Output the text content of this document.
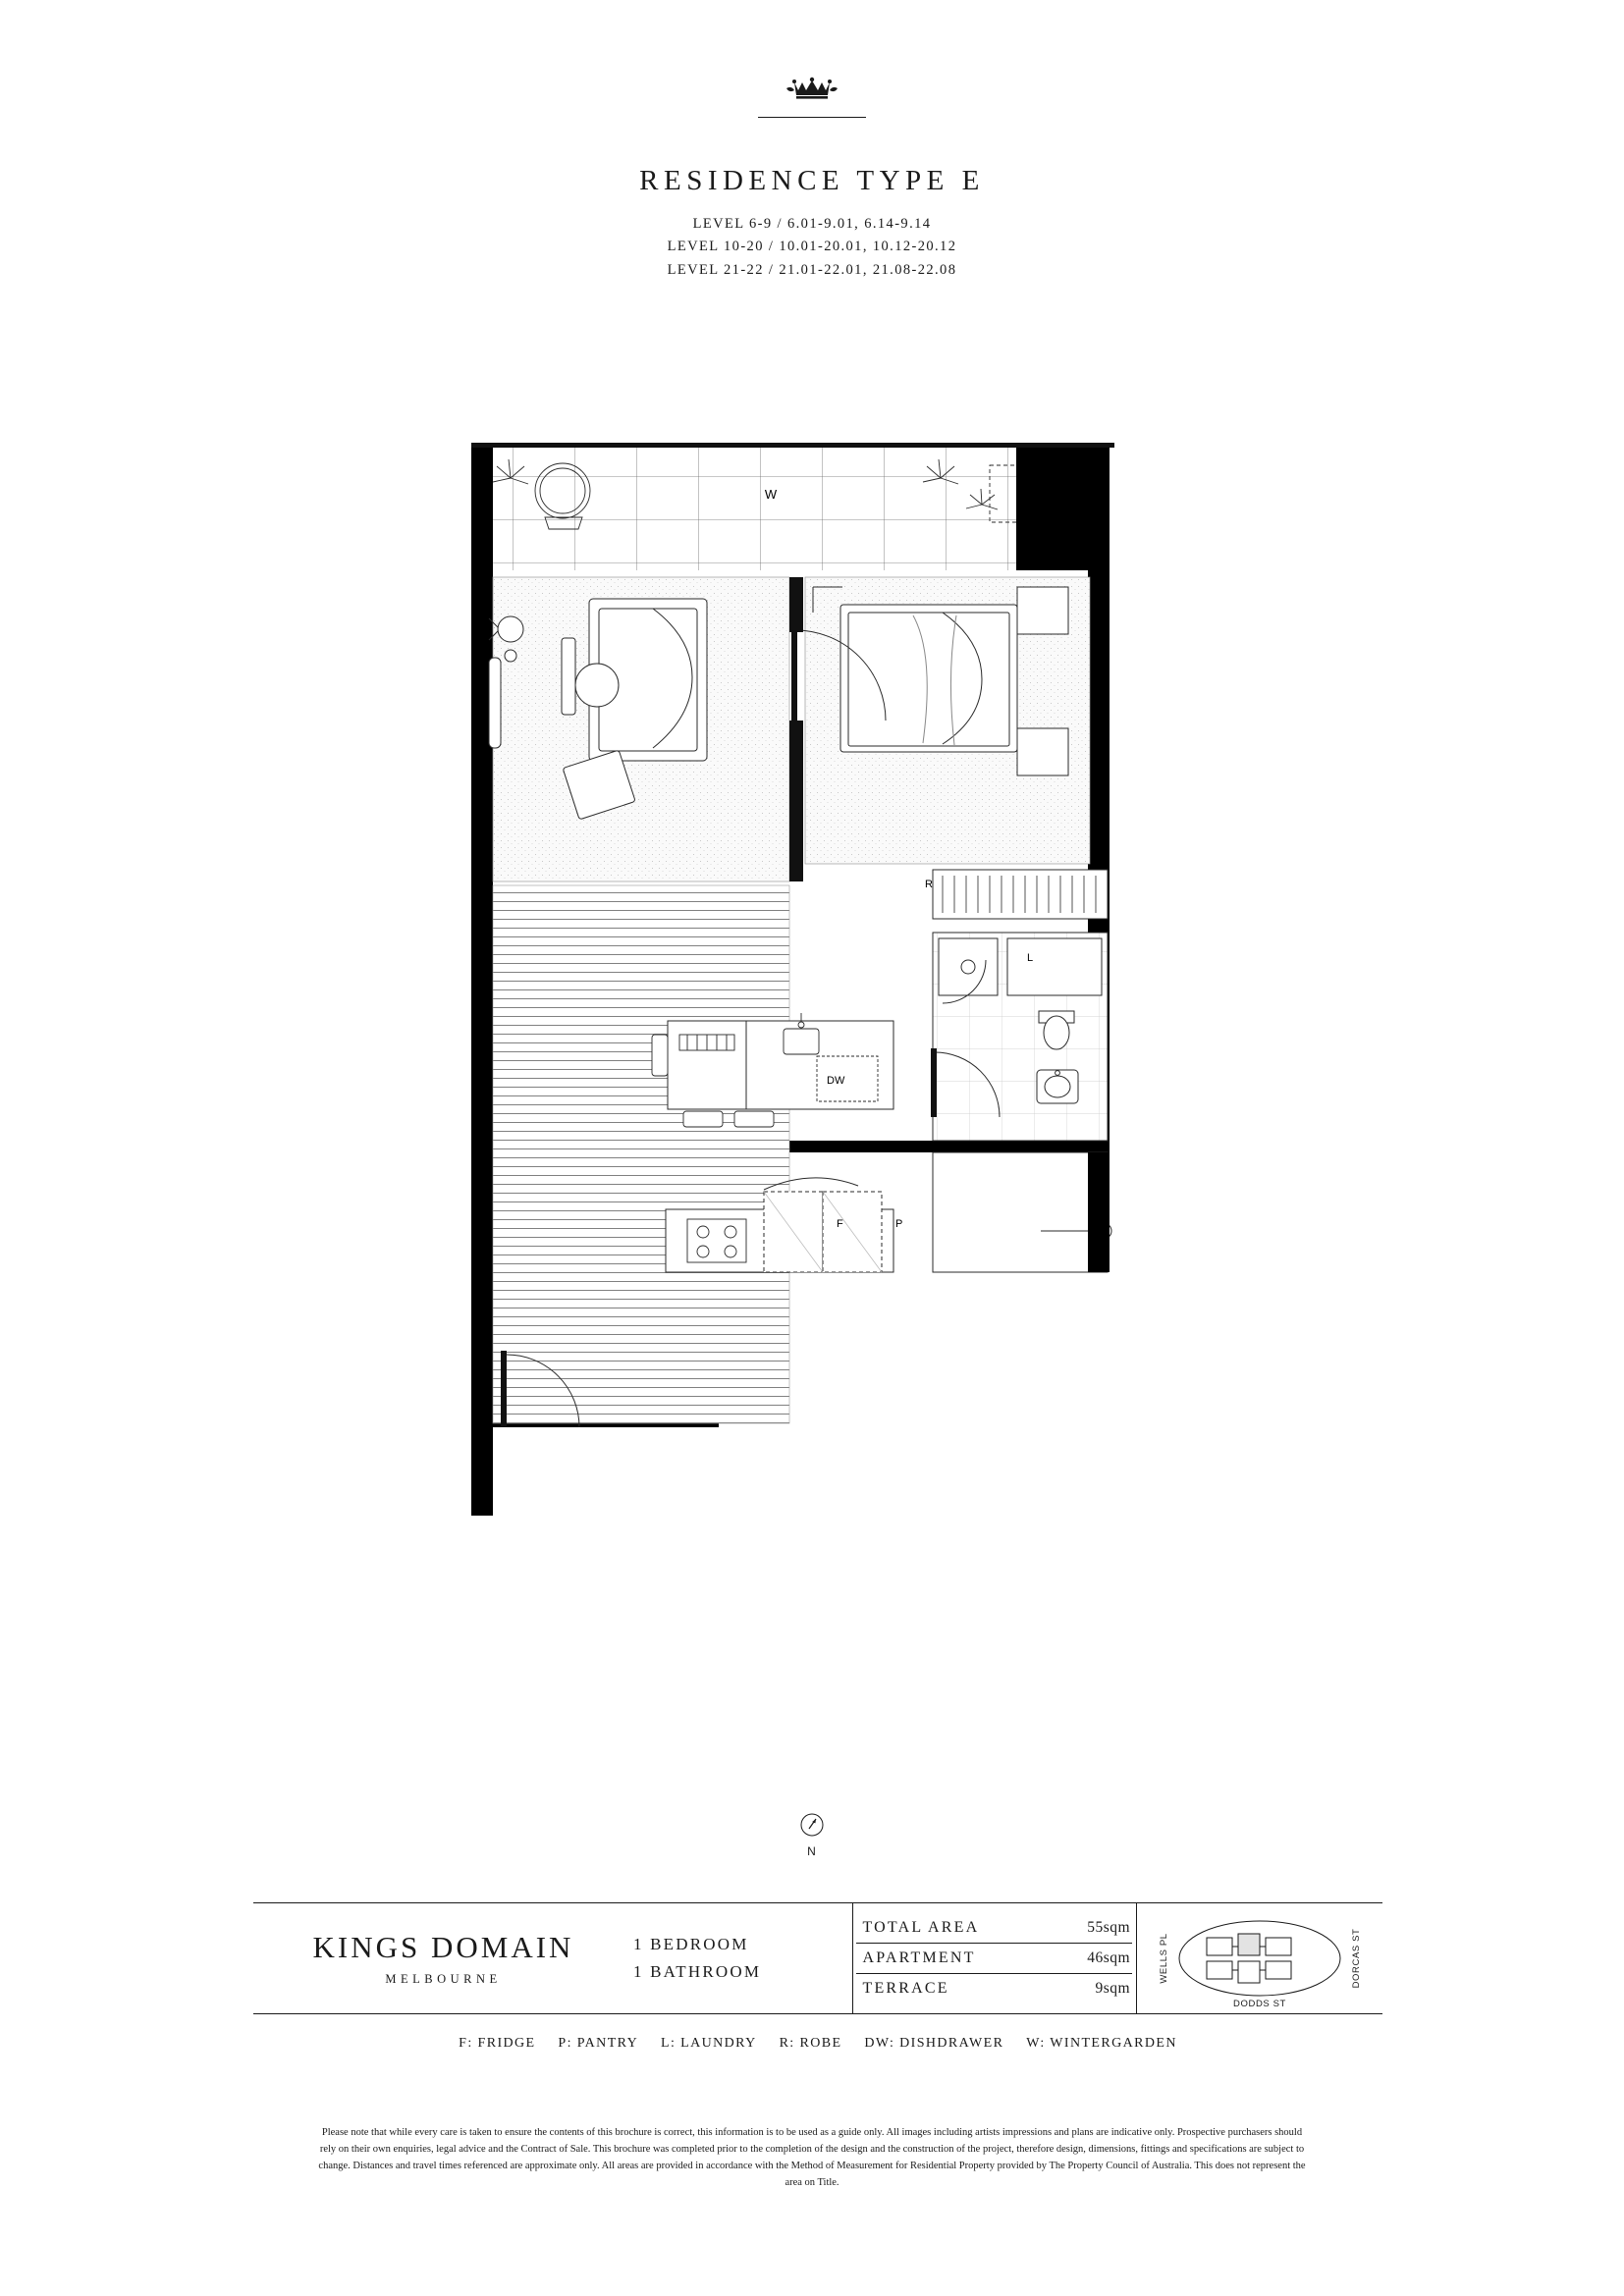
RESIDENCE TYPE E

LEVEL 6-9 / 6.01-9.01, 6.14-9.14

LEVEL 10-20 / 10.01-20.01, 10.12-20.12

LEVEL 21-22 / 21.01-22.01, 21.08-22.08

W
R
L
DW
F	P
N
KINGS DOMAIN
MELBOURNE
1 BEDROOM
1 BATHROOM
TOTAL AREA	55sqm
APARTMENT	46sqm
TERRACE	9sqm
WELLS PL	DORCAS ST
DODDS ST
F: FRIDGE P: PANTRY L: LAUNDRY R: ROBE DW: DISHDRAWER W: WINTERGARDEN
Please note that while every care is taken to ensure the contents of this brochure is correct, this information is to be used as a guide only. All images including artists impressions and plans are indicative only. Prospective purchasers should rely on their own enquiries, legal advice and the Contract of Sale. This brochure was completed prior to the completion of the design and the construction of the project, therefore design, dimensions, fittings and specifications are subject to change. Distances and travel times referenced are approximate only. All areas are provided in accordance with the Method of Measurement for Residential Property provided by The Property Council of Australia. This does not represent the area on Title.
